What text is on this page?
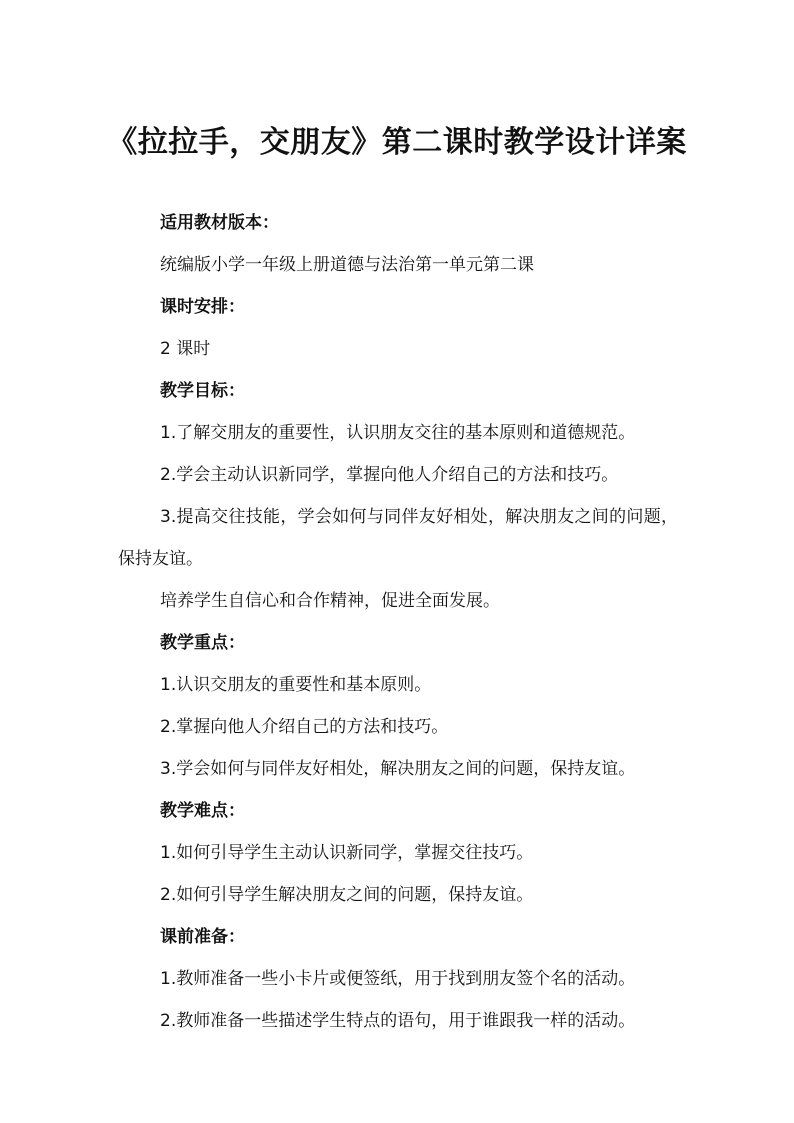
《拉拉手，交朋友》第二课时教学设计详案

适用教材版本：

统编版小学一年级上册道德与法治第一单元第二课

课时安排：

2 课时

教学目标：

1.了解交朋友的重要性，认识朋友交往的基本原则和道德规范。

2.学会主动认识新同学，掌握向他人介绍自己的方法和技巧。

3.提高交往技能，学会如何与同伴友好相处，解决朋友之间的问题，保持友谊。

培养学生自信心和合作精神，促进全面发展。

教学重点：

1.认识交朋友的重要性和基本原则。

2.掌握向他人介绍自己的方法和技巧。

3.学会如何与同伴友好相处，解决朋友之间的问题，保持友谊。

教学难点：

1.如何引导学生主动认识新同学，掌握交往技巧。

2.如何引导学生解决朋友之间的问题，保持友谊。

课前准备：

1.教师准备一些小卡片或便签纸，用于找到朋友签个名的活动。

2.教师准备一些描述学生特点的语句，用于谁跟我一样的活动。
